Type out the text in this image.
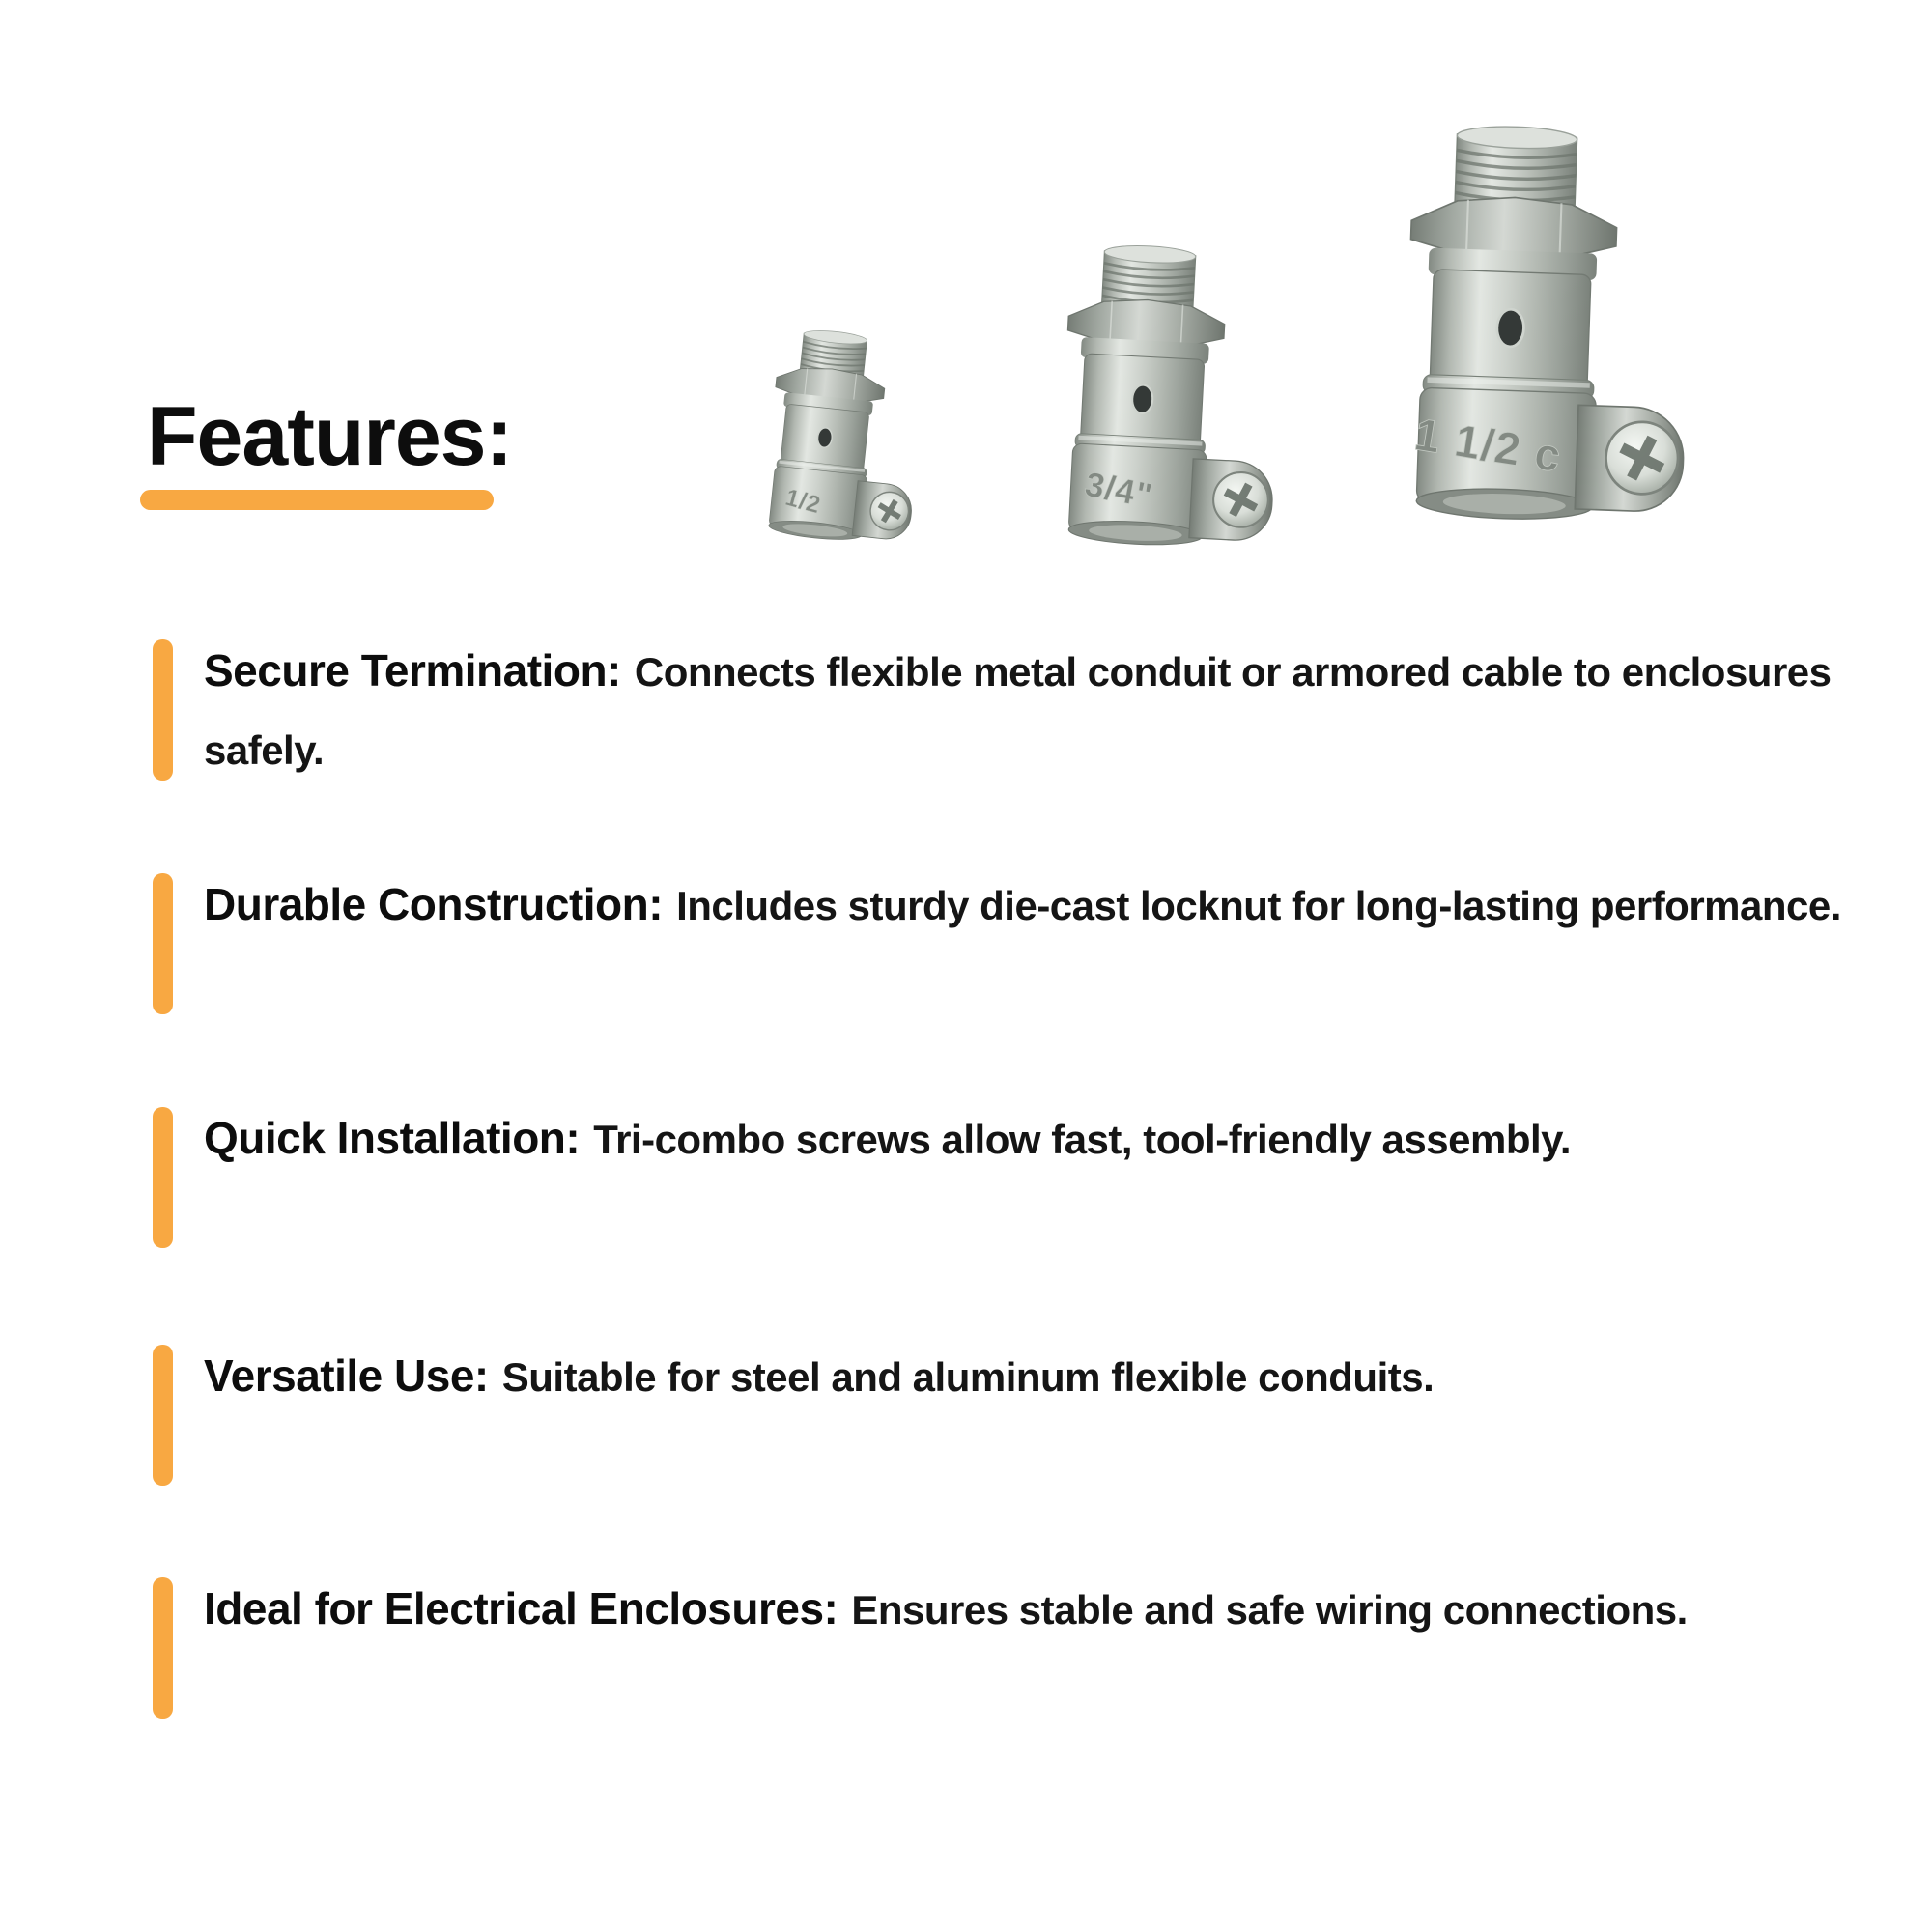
Features:
1/2	3/4"
1 1/2 c
Secure Termination: Connects flexible metal conduit or armored cable to enclosures safely.
Durable Construction: Includes sturdy die-cast locknut for long-lasting performance.
Quick Installation: Tri-combo screws allow fast, tool-friendly assembly.
Versatile Use: Suitable for steel and aluminum flexible conduits.
Ideal for Electrical Enclosures: Ensures stable and safe wiring connections.
